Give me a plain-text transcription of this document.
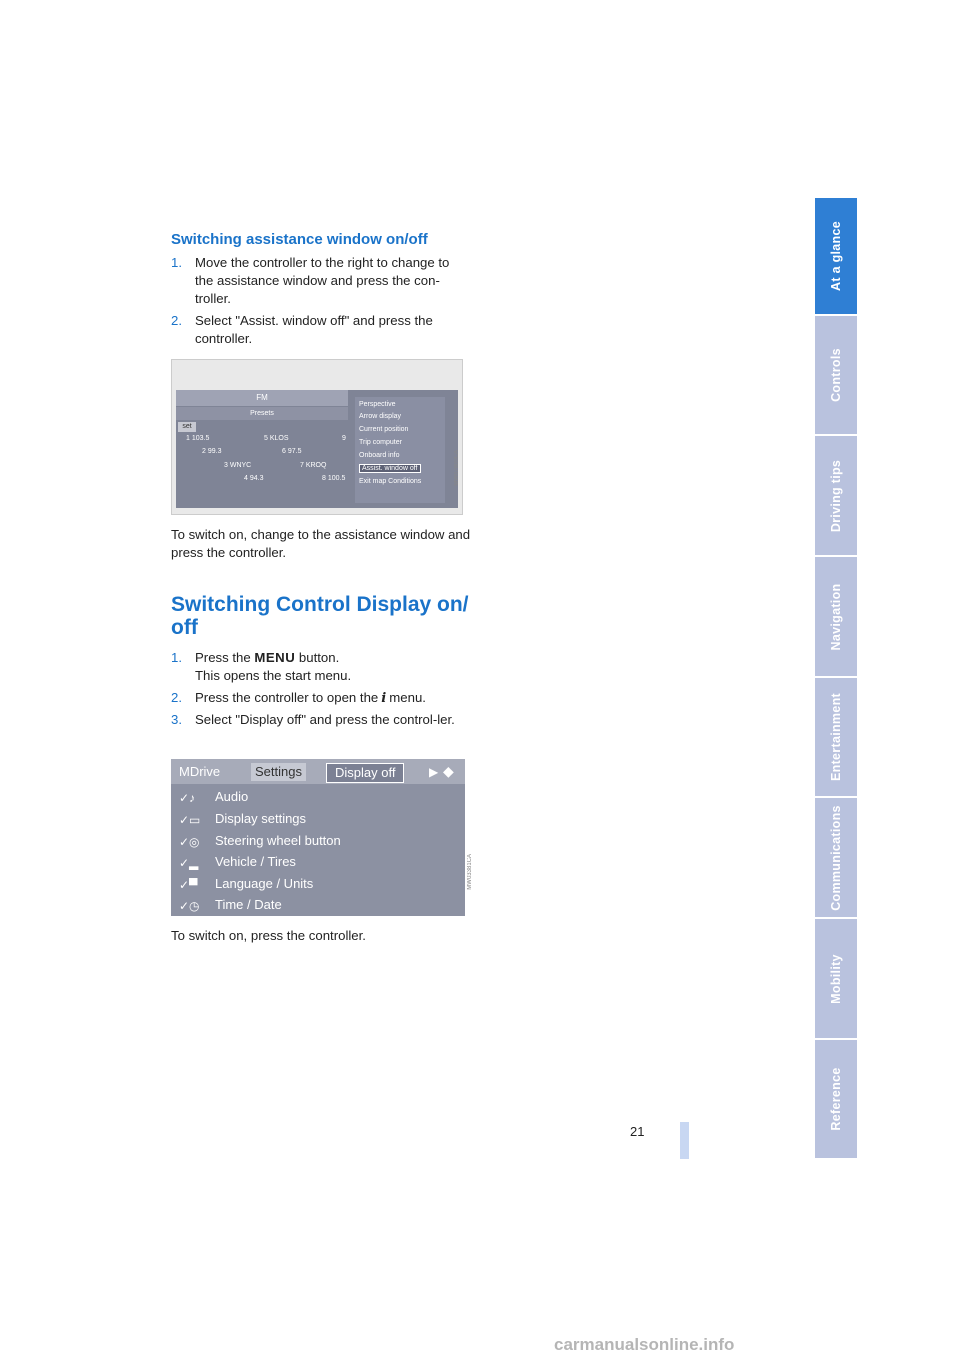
Switching assistance window on/off
1. Move the controller to the right to change to the assistance window and press the con-troller.
2. Select "Assist. window off" and press the controller.
FM
Presets
set
1 103.5	5 KLOS	9
2 99.3	6 97.5
3 WNYC	7 KROQ
4 94.3	8 100.5
Perspective
Arrow display
Current position
Trip computer
Onboard info
Assist. window off
Exit map Conditions	MW07800CA
To switch on, change to the assistance window and press the controller.
Switching Control Display on/ off
1. Press the MENU button.
This opens the start menu.
2. Press the controller to open the i menu.
3. Select "Display off" and press the control-ler.
MDrive	Settings	Display off	▶ ◆
✓♪	Audio
✓▭ Display settings
✓◎ Steering wheel button
✓▂	Vehicle / Tires
✓▀	Language / Units
✓◷ Time / Date
MW03381CA
To switch on, press the controller.
At a glance
Controls
Driving tips
Navigation
Entertainment
Communications
Mobility
Reference
21
carmanualsonline.info
